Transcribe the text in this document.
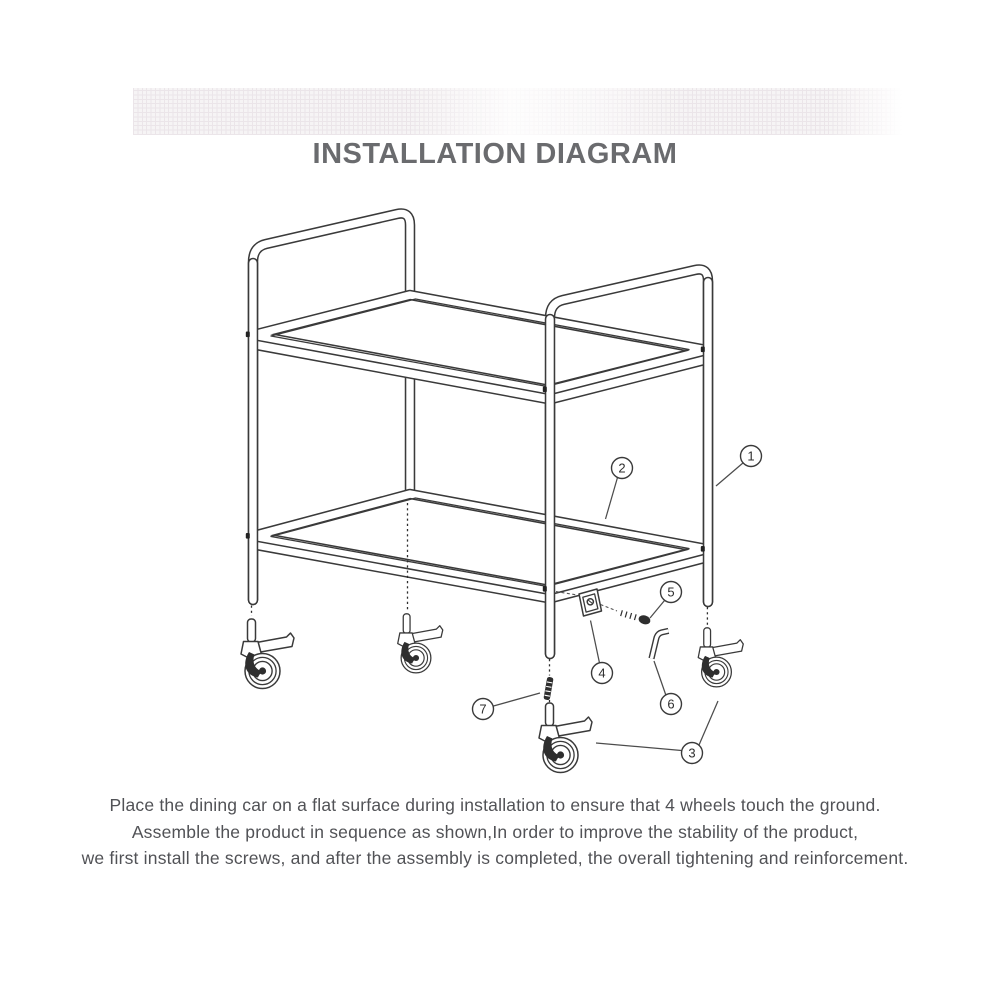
INSTALLATION DIAGRAM
1
2
3
4
5
6
7

Place the dining car on a flat surface during installation to ensure that 4 wheels touch the ground.

Assemble the product in sequence as shown,In order to improve the stability of the product,

we first install the screws, and after the assembly is completed, the overall tightening and reinforcement.
